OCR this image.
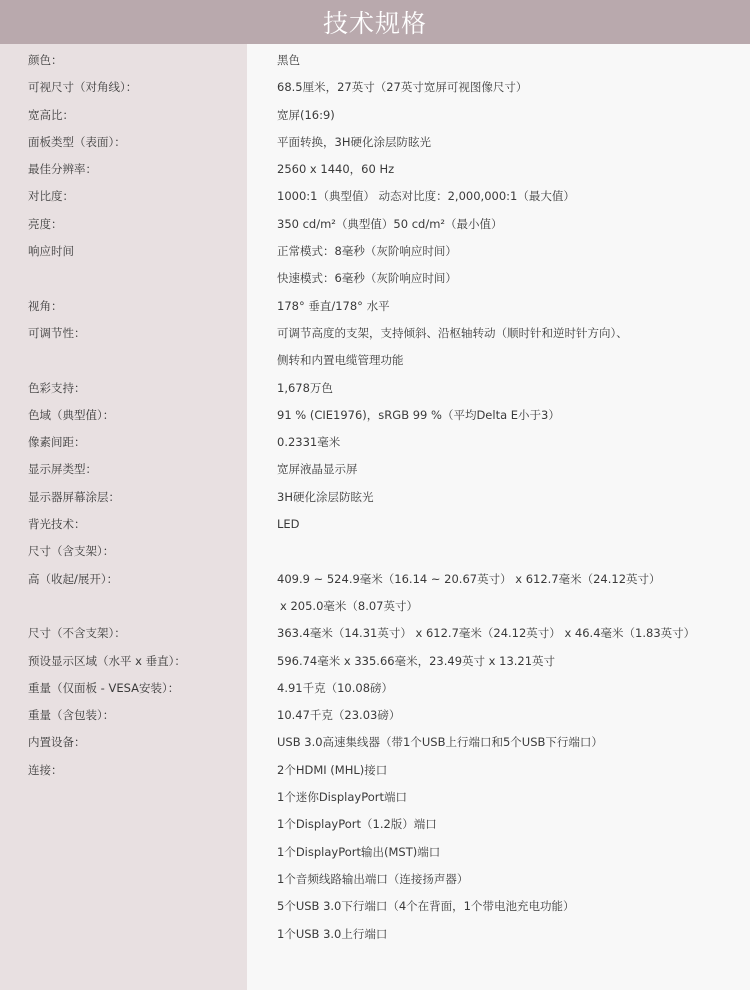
技术规格
颜色：	黑色
可视尺寸（对角线）：	68.5厘米，27英寸（27英寸宽屏可视图像尺寸）
宽高比：	宽屏(16:9)
面板类型（表面）：	平面转换，3H硬化涂层防眩光
最佳分辨率：	2560 x 1440，60 Hz
对比度：	1000:1（典型值） 动态对比度：2,000,000:1（最大值）
亮度：	350 cd/m²（典型值）50 cd/m²（最小值）
响应时间	正常模式：8毫秒（灰阶响应时间）
快速模式：6毫秒（灰阶响应时间）
视角：	178° 垂直/178° 水平
可调节性：	可调节高度的支架，支持倾斜、沿枢轴转动（顺时针和逆时针方向）、
侧转和内置电缆管理功能
色彩支持：	1,678万色
色域（典型值）：	91 % (CIE1976)，sRGB 99 %（平均Delta E小于3）
像素间距：	0.2331毫米
显示屏类型：	宽屏液晶显示屏
显示器屏幕涂层：	3H硬化涂层防眩光
背光技术：	LED
尺寸（含支架）：
高（收起/展开）：	409.9 ~ 524.9毫米（16.14 ~ 20.67英寸） x 612.7毫米（24.12英寸）
x 205.0毫米（8.07英寸）
尺寸（不含支架）：	363.4毫米（14.31英寸） x 612.7毫米（24.12英寸） x 46.4毫米（1.83英寸）
预设显示区域（水平 x 垂直）：	596.74毫米 x 335.66毫米，23.49英寸 x 13.21英寸
重量（仅面板 - VESA安装）：	4.91千克（10.08磅）
重量（含包装）：	10.47千克（23.03磅）
内置设备：	USB 3.0高速集线器（带1个USB上行端口和5个USB下行端口）
连接：	2个HDMI (MHL)接口
1个迷你DisplayPort端口
1个DisplayPort（1.2版）端口
1个DisplayPort输出(MST)端口
1个音频线路输出端口（连接扬声器）
5个USB 3.0下行端口（4个在背面，1个带电池充电功能）
1个USB 3.0上行端口
